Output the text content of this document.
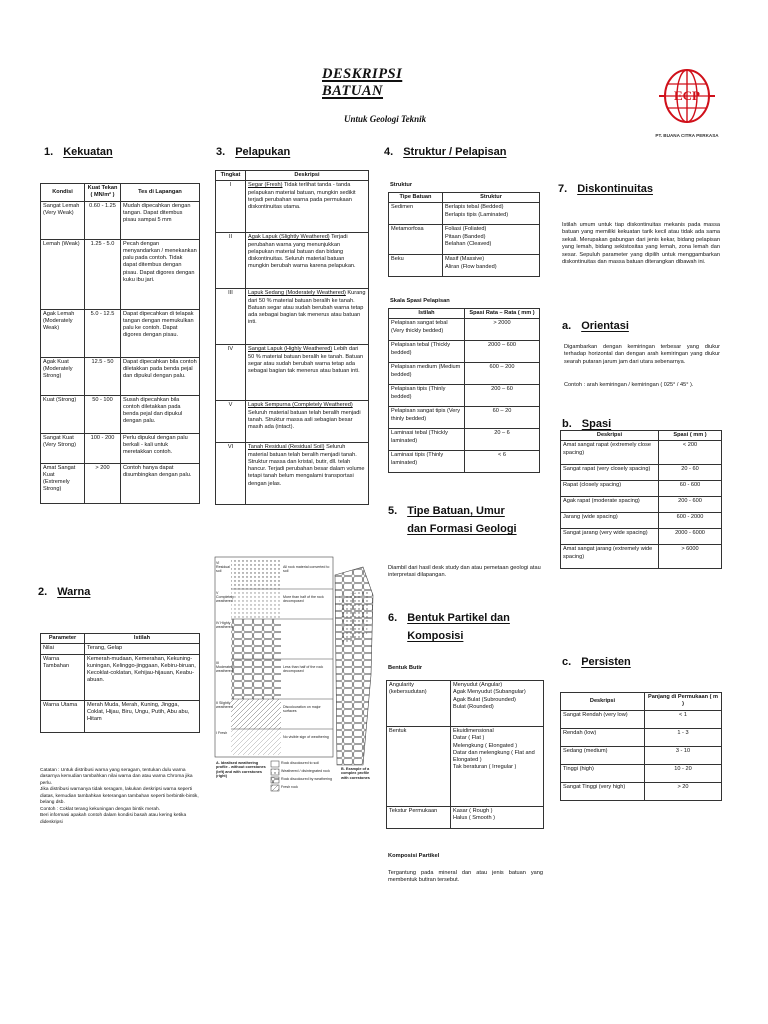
DESKRIPSI BATUAN
Untuk Geologi Teknik
ECP
PT. BUANA CITRA PERKASA
1. Kekuatan
Kondisi	Kuat Tekan ( MN/m² )	Tes di Lapangan
Sangat Lemah (Very Weak)	0.60 - 1.25	Mudah dipecahkan dengan tangan. Dapat ditembus pisau sampai 5 mm
Lemah (Weak)	1.25 - 5.0	Pecah dengan menyandarkan / menekankan palu pada contoh. Tidak dapat ditembus dengan pisau. Dapat digores dengan kuku ibu jari.
Agak Lemah (Moderately Weak)	5.0 - 12.5	Dapat dipecahkan di telapak tangan dengan memukulkan palu ke contoh. Dapat digores dengan pisau.
Agak Kuat (Moderately Strong)	12.5 - 50	Dapat dipecahkan bila contoh diletakkan pada benda pejal dan dipukul dengan palu.
Kuat (Strong)	50 - 100	Susah dipecahkan bila contoh diletakkan pada benda pejal dan dipukul dengan palu.
Sangat Kuat (Very Strong)	100 - 200	Perlu dipukul dengan palu berkali - kali untuk meretakkan contoh.
Amat Sangat Kuat (Extremely Strong)	> 200	Contoh hanya dapat disumbingkan dengan palu.
2. Warna
Parameter	Istilah
Nilai	Terang, Gelap
Warna Tambahan	Kemerah-mudaan, Kemerahan, Kekuning-kuningan, Kelinggo-jinggaan, Kebiru-biruan, Kecoklat-coklatan, Kehijau-hijauan, Keabu-abuan.
Warna Utama	Merah Muda, Merah, Kuning, Jingga, Coklat, Hijau, Biru, Ungu, Putih, Abu abu, Hitam
Catatan : Untuk distribusi warna yang seragam, tentukan dulu warna dasarnya kemudian tambahkan nilai warna dan atau warna Chroma jika perlu.
Jika distribusi warnanya tidak seragam, lakukan deskripsi warna seperti diatas, kemudian tambahkan keterangan tambahan seperti berbintik-bintik, belang dsb.
Contoh : Coklat terang kekuningan dengan bintik merah.
Beri informasi apakah contoh dalam kondisi basah atau kering ketika dideskripsi
3. Pelapukan
Tingkat	Deskripsi
I	Segar (Fresh) Tidak terlihat tanda - tanda pelapukan material batuan, mungkin sedikit terjadi perubahan warna pada permukaan diskontinuitas utama.
II	Agak Lapuk (Slightly Weathered) Terjadi perubahan warna yang menunjukkan pelapukan material batuan dan bidang diskontinuitas. Seluruh material batuan mungkin berubah warna karena pelapukan.
III	Lapuk Sedang (Moderately Weathered) Kurang dari 50 % material batuan beralih ke tanah. Batuan segar atau sudah berubah warna tetap ada sebagai bagian tak menerus atau batuan inti.
IV	Sangat Lapuk (Highly Weathered) Lebih dari 50 % material batuan beralih ke tanah. Batuan segar atau sudah berubah warna tetap ada sebagai bagian tak menerus atau batuan inti.
V	Lapuk Sempurna (Completely Weathered) Seluruh material batuan telah beralih menjadi tanah. Struktur massa asli sebagian besar masih ada (intact).
VI	Tanah Residual (Residual Soil) Seluruh material batuan telah beralih menjadi tanah. Struktur massa dan kristal, butir, dll. telah hancur. Terjadi perubahan besar dalam volume tetapi tanah belum mengalami transportasi dengan jelas.
VI Residual soil
V Completely weathered
IV Highly weathered
III Moderately weathered
II Slightly weathered
I Fresh
All rock material converted to soil
More than half of the rock decomposed
Less than half of the rock decomposed
Discolouration on major surfaces
No visible sign of weathering
A. Idealised weathering profile - without corestones (left) and with corestones (right)
Rock discoloured to soil
Weathered / disintegrated rock
Rock discoloured by weathering
Fresh rock
B. Example of a complex profile with corestones
4. Struktur / Pelapisan
Struktur
Tipe Batuan	Struktur
Sedimen	Berlapis tebal (Bedded)
Berlapis tipis (Laminated)
Metamorfosa	Foliasi (Foliated)
Pitaan (Banded)
Belahan (Cleaved)
Beku	Masif (Massive)
Aliran (Flow banded)
Skala Spasi Pelapisan
Istilah	Spasi Rata – Rata ( mm )
Pelapisan sangat tebal (Very thickly bedded)	> 2000
Pelapisan tebal (Thickly bedded)	2000 – 600
Pelapisan medium (Medium bedded)	600 – 200
Pelapisan tipis (Thinly bedded)	200 – 60
Pelapisan sangat tipis (Very thinly bedded)	60 – 20
Laminasi tebal (Thickly laminated)	20 – 6
Laminasi tipis (Thinly laminated)	< 6
5. Tipe Batuan, Umur
dan Formasi Geologi
Diambil dari hasil desk study dan atau pemetaan geologi atau interpretasi dilapangan.
6. Bentuk Partikel dan
Komposisi
Bentuk Butir
Angularity (kebersudutan)	Menyudut (Angular)
Agak Menyudut (Subangular)
Agak Bulat (Subrounded)
Bulat (Rounded)
Bentuk	Ekuidimensional
Datar ( Flat )
Melengkung ( Elongated )
Datar dan melengkung ( Flat and Elongated )
Tak beraturan ( Irregular )
Tekstur Permukaan	Kasar ( Rough )
Halus ( Smooth )
Komposisi Partikel
Tergantung pada mineral dan atau jenis batuan yang membentuk butiran tersebut.
7. Diskontinuitas
Istilah umum untuk tiap diskontinuitas mekanis pada massa batuan yang memiliki kekuatan tarik kecil atau tidak ada sama sekali. Merupakan gabungan dari jenis kekar, bidang pelapisan yang lemah, bidang sekistositas yang lemah, zona lemah dan sesar. Sepuluh parameter yang dipilih untuk menggambarkan diskontinuitas dan massa batuan diterangkan dibawah ini.
a. Orientasi
Digambarkan dengan kemiringan terbesar yang diukur terhadap horizontal dan dengan arah kemiringan yang diukur searah putaran jarum jam dari utara sebenarnya.
Contoh : arah kemiringan / kemiringan ( 025° / 45° ).
b. Spasi
Deskripsi	Spasi ( mm )
Amat sangat rapat (extremely close spacing)	< 200
Sangat rapat (very closely spacing)	20 - 60
Rapat (closely spacing)	60 - 600
Agak rapat (moderate spacing)	200 - 600
Jarang (wide spacing)	600 - 2000
Sangat jarang (very wide spacing)	2000 - 6000
Amat sangat jarang (extremely wide spacing)	> 6000
c. Persisten
Deskripsi	Panjang di Permukaan ( m )
Sangat Rendah (very low)	< 1
Rendah (low)	1 - 3
Sedang (medium)	3 - 10
Tinggi (high)	10 - 20
Sangat Tinggi (very high)	> 20
